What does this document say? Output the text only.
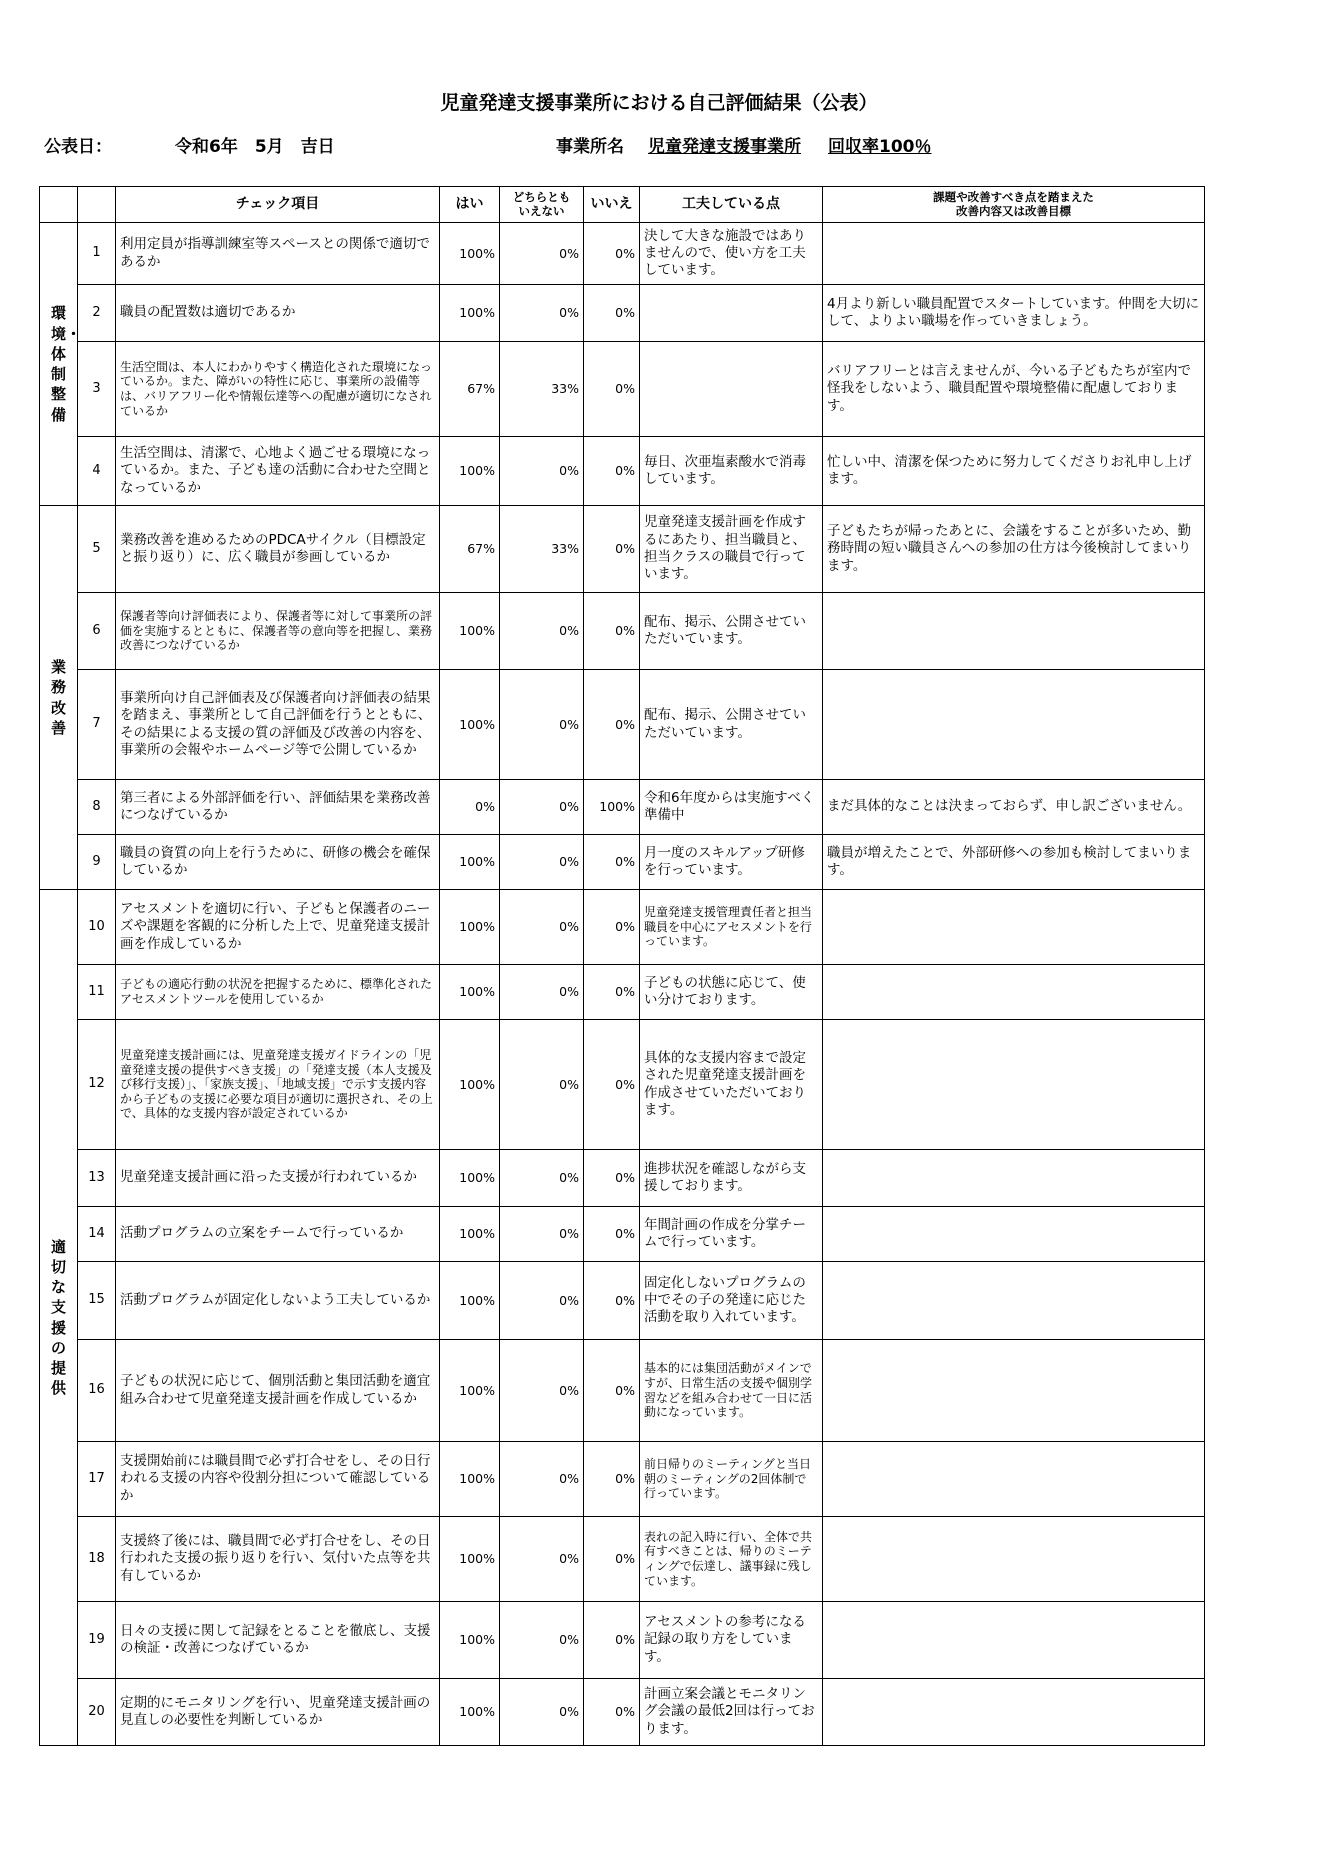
児童発達支援事業所における自己評価結果（公表）
公表日：	令和6年　5月　吉日	事業所名 児童発達支援事業所	回収率100％
		チェック項目	はい	どちらとも
いえない	いいえ	工夫している点	課題や改善すべき点を踏まえた
改善内容又は改善目標
環境・体制整備	1	利用定員が指導訓練室等スペースとの関係で適切であるか	100%	0%	0%	決して大きな施設ではありませんので、使い方を工夫しています。	
	2	職員の配置数は適切であるか	100%	0%	0%		4月より新しい職員配置でスタートしています。仲間を大切にして、よりよい職場を作っていきましょう。
	3	生活空間は、本人にわかりやすく構造化された環境になっているか。また、障がいの特性に応じ、事業所の設備等は、バリアフリー化や情報伝達等への配慮が適切になされているか	67%	33%	0%		バリアフリーとは言えませんが、今いる子どもたちが室内で怪我をしないよう、職員配置や環境整備に配慮しております。
	4	生活空間は、清潔で、心地よく過ごせる環境になっているか。また、子ども達の活動に合わせた空間となっているか	100%	0%	0%	毎日、次亜塩素酸水で消毒しています。	忙しい中、清潔を保つために努力してくださりお礼申し上げます。
業務改善	5	業務改善を進めるためのPDCAサイクル（目標設定と振り返り）に、広く職員が参画しているか	67%	33%	0%	児童発達支援計画を作成するにあたり、担当職員と、担当クラスの職員で行っています。	子どもたちが帰ったあとに、会議をすることが多いため、勤務時間の短い職員さんへの参加の仕方は今後検討してまいります。
	6	保護者等向け評価表により、保護者等に対して事業所の評価を実施するとともに、保護者等の意向等を把握し、業務改善につなげているか	100%	0%	0%	配布、掲示、公開させていただいています。	
	7	事業所向け自己評価表及び保護者向け評価表の結果を踏まえ、事業所として自己評価を行うとともに、その結果による支援の質の評価及び改善の内容を、事業所の会報やホームページ等で公開しているか	100%	0%	0%	配布、掲示、公開させていただいています。	
	8	第三者による外部評価を行い、評価結果を業務改善につなげているか	0%	0%	100%	令和6年度からは実施すべく準備中	まだ具体的なことは決まっておらず、申し訳ございません。
	9	職員の資質の向上を行うために、研修の機会を確保しているか	100%	0%	0%	月一度のスキルアップ研修を行っています。	職員が増えたことで、外部研修への参加も検討してまいります。
適切な支援の提供	10	アセスメントを適切に行い、子どもと保護者のニーズや課題を客観的に分析した上で、児童発達支援計画を作成しているか	100%	0%	0%	児童発達支援管理責任者と担当職員を中心にアセスメントを行っています。	
	11	子どもの適応行動の状況を把握するために、標準化されたアセスメントツールを使用しているか	100%	0%	0%	子どもの状態に応じて、使い分けております。	
	12	児童発達支援計画には、児童発達支援ガイドラインの「児童発達支援の提供すべき支援」の「発達支援（本人支援及び移行支援）」、「家族支援」、「地域支援」で示す支援内容から子どもの支援に必要な項目が適切に選択され、その上で、具体的な支援内容が設定されているか	100%	0%	0%	具体的な支援内容まで設定された児童発達支援計画を作成させていただいております。	
	13	児童発達支援計画に沿った支援が行われているか	100%	0%	0%	進捗状況を確認しながら支援しております。	
	14	活動プログラムの立案をチームで行っているか	100%	0%	0%	年間計画の作成を分掌チームで行っています。	
	15	活動プログラムが固定化しないよう工夫しているか	100%	0%	0%	固定化しないプログラムの中でその子の発達に応じた活動を取り入れています。	
	16	子どもの状況に応じて、個別活動と集団活動を適宜組み合わせて児童発達支援計画を作成しているか	100%	0%	0%	基本的には集団活動がメインですが、日常生活の支援や個別学習などを組み合わせて一日に活動になっています。	
	17	支援開始前には職員間で必ず打合せをし、その日行われる支援の内容や役割分担について確認しているか	100%	0%	0%	前日帰りのミーティングと当日朝のミーティングの2回体制で行っています。	
	18	支援終了後には、職員間で必ず打合せをし、その日行われた支援の振り返りを行い、気付いた点等を共有しているか	100%	0%	0%	表れの記入時に行い、全体で共有すべきことは、帰りのミーティングで伝達し、議事録に残しています。	
	19	日々の支援に関して記録をとることを徹底し、支援の検証・改善につなげているか	100%	0%	0%	アセスメントの参考になる記録の取り方をしています。	
	20	定期的にモニタリングを行い、児童発達支援計画の見直しの必要性を判断しているか	100%	0%	0%	計画立案会議とモニタリング会議の最低2回は行っております。	
